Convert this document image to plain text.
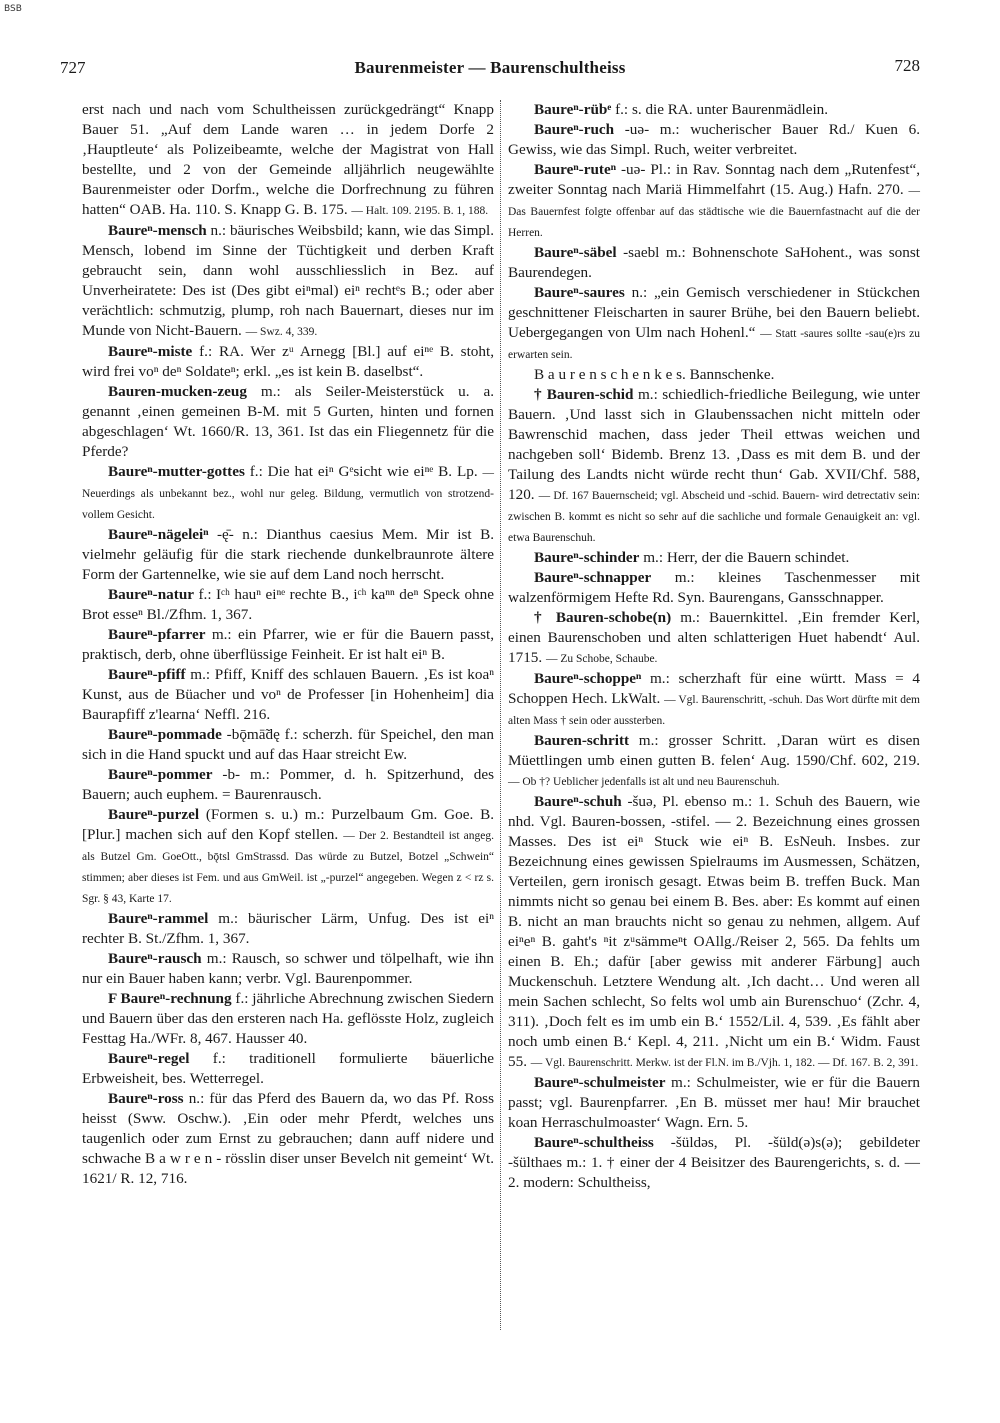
BSB
727	Baurenmeister — Baurenschultheiss	728

erst nach und nach vom Schultheissen zurückgedrängt“ Knapp Bauer 51. „Auf dem Lande waren … in jedem Dorfe 2 ‚Hauptleute‘ als Polizeibeamte, welche der Magistrat von Hall bestellte, und 2 von der Gemeinde alljährlich neugewählte Baurenmeister oder Dorfm., welche die Dorfrechnung zu führen hatten“ OAB. Ha. 110. S. Knapp G. B. 175. — Halt. 109. 2195. B. 1, 188.

Baureⁿ-mensch n.: bäurisches Weibsbild; kann, wie das Simpl. Mensch, lobend im Sinne der Tüchtigkeit und derben Kraft gebraucht sein, dann wohl ausschliesslich in Bez. auf Unverheiratete: Des ist (Des gibt eiⁿmal) eiⁿ rechtᵉs B.; oder aber verächtlich: schmutzig, plump, roh nach Bauernart, dieses nur im Munde von Nicht-Bauern. — Swz. 4, 339.

Baureⁿ-miste f.: RA. Wer zᵘ Arnegg [Bl.] auf eiⁿᵉ B. stoht, wird frei voⁿ deⁿ Soldateⁿ; erkl. „es ist kein B. daselbst“.

Bauren-mucken-zeug m.: als Seiler-Meisterstück u. a. genannt ‚einen gemeinen B-M. mit 5 Gurten, hinten und fornen abgeschlagen‘ Wt. 1660/R. 13, 361. Ist das ein Fliegennetz für die Pferde?

Baureⁿ-mutter-gottes f.: Die hat eiⁿ Gᵉsicht wie eiⁿᵉ B. Lp. — Neuerdings als unbekannt bez., wohl nur geleg. Bildung, vermutlich von strotzend-vollem Gesicht.

Baureⁿ-nägeleiⁿ -ę̄- n.: Dianthus caesius Mem. Mir ist B. vielmehr geläufig für die stark riechende dunkelbraunrote ältere Form der Gartennelke, wie sie auf dem Land noch herrscht.

Baureⁿ-natur f.: Iᶜʰ hauⁿ eiⁿᵉ rechte B., iᶜʰ kaⁿⁿ deⁿ Speck ohne Brot esseⁿ Bl./Zfhm. 1, 367.

Baureⁿ-pfarrer m.: ein Pfarrer, wie er für die Bauern passt, praktisch, derb, ohne überflüssige Feinheit. Er ist halt eiⁿ B.

Baureⁿ-pfiff m.: Pfiff, Kniff des schlauen Bauern. ‚Es ist koaⁿ Kunst, aus de Büacher und voⁿ de Professer [in Hohenheim] dia Baurapfiff z'learna‘ Neffl. 216.

Baureⁿ-pommade -bǭmā̃dę f.: scherzh. für Speichel, den man sich in die Hand spuckt und auf das Haar streicht Ew.

Baureⁿ-pommer -b- m.: Pommer, d. h. Spitzerhund, des Bauern; auch euphem. = Baurenrausch.

Baureⁿ-purzel (Formen s. u.) m.: Purzelbaum Gm. Goe. B. [Plur.] machen sich auf den Kopf stellen. — Der 2. Bestandteil ist angeg. als Butzel Gm. GoeOtt., bǭtsl GmStrassd. Das würde zu Butzel, Botzel „Schwein“ stimmen; aber dieses ist Fem. und aus GmWeil. ist „-purzel“ angegeben. Wegen z < rz s. Sgr. § 43, Karte 17.

Baureⁿ-rammel m.: bäurischer Lärm, Unfug. Des ist eiⁿ rechter B. St./Zfhm. 1, 367.

Baureⁿ-rausch m.: Rausch, so schwer und tölpelhaft, wie ihn nur ein Bauer haben kann; verbr. Vgl. Baurenpommer.

F Baureⁿ-rechnung f.: jährliche Abrechnung zwischen Siedern und Bauern über das den ersteren nach Ha. geflösste Holz, zugleich Festtag Ha./WFr. 8, 467. Hausser 40.

Baureⁿ-regel f.: traditionell formulierte bäuerliche Erbweisheit, bes. Wetterregel.

Baureⁿ-ross n.: für das Pferd des Bauern da, wo das Pf. Ross heisst (Sww. Oschw.). ‚Ein oder mehr Pferdt, welches uns taugenlich oder zum Ernst zu gebrauchen; dann auff nidere und schwache B a w r e n - rösslin diser unser Bevelch nit gemeint‘ Wt. 1621/ R. 12, 716.

Baureⁿ-rübᵉ f.: s. die RA. unter Baurenmädlein.

Baureⁿ-ruch -uə- m.: wucherischer Bauer Rd./ Kuen 6. Gewiss, wie das Simpl. Ruch, weiter verbreitet.

Baureⁿ-ruteⁿ -uə- Pl.: in Rav. Sonntag nach dem „Rutenfest“, zweiter Sonntag nach Mariä Himmelfahrt (15. Aug.) Hafn. 270. — Das Bauernfest folgte offenbar auf das städtische wie die Bauernfastnacht auf die der Herren.

Baureⁿ-säbel -saebl m.: Bohnenschote SaHohent., was sonst Baurendegen.

Baureⁿ-saures n.: „ein Gemisch verschiedener in Stückchen geschnittener Fleischarten in saurer Brühe, bei den Bauern beliebt. Uebergegangen von Ulm nach Hohenl.“ — Statt -saures sollte -sau(e)rs zu erwarten sein.

B a u r e n s c h e n k e s. Bannschenke.

† Bauren-schid m.: schiedlich-friedliche Beilegung, wie unter Bauern. ‚Und lasst sich in Glaubenssachen nicht mitteln oder Bawrenschid machen, dass jeder Theil ettwas weichen und nachgeben soll‘ Bidemb. Brenz 13. ‚Dass es mit dem B. und der Tailung des Landts nicht würde recht thun‘ Gab. XVII/Chf. 588, 120. — Df. 167 Bauernscheid; vgl. Abscheid und -schid. Bauern- wird detrectativ sein: zwischen B. kommt es nicht so sehr auf die sachliche und formale Genauigkeit an: vgl. etwa Baurenschuh.

Baureⁿ-schinder m.: Herr, der die Bauern schindet.

Baureⁿ-schnapper m.: kleines Taschenmesser mit walzenförmigem Hefte Rd. Syn. Baurengans, Gansschnapper.

† Bauren-schobe(n) m.: Bauernkittel. ‚Ein fremder Kerl, einen Baurenschoben und alten schlatterigen Huet habendt‘ Aul. 1715. — Zu Schobe, Schaube.

Baureⁿ-schoppeⁿ m.: scherzhaft für eine württ. Mass = 4 Schoppen Hech. LkWalt. — Vgl. Baurenschritt, -schuh. Das Wort dürfte mit dem alten Mass † sein oder aussterben.

Bauren-schritt m.: grosser Schritt. ‚Daran würt es disen Müettlingen umb einen gutten B. felen‘ Aug. 1590/Chf. 602, 219. — Ob †? Ueblicher jedenfalls ist alt und neu Baurenschuh.

Baureⁿ-schuh -šuə, Pl. ebenso m.: 1. Schuh des Bauern, wie nhd. Vgl. Bauren-bossen, -stifel. — 2. Bezeichnung eines grossen Masses. Des ist eiⁿ Stuck wie eiⁿ B. EsNeuh. Insbes. zur Bezeichnung eines gewissen Spielraums im Ausmessen, Schätzen, Verteilen, gern ironisch gesagt. Etwas beim B. treffen Buck. Man nimmts nicht so genau bei einem B. Bes. aber: Es kommt auf einen B. nicht an man brauchts nicht so genau zu nehmen, allgem. Auf eiⁿeⁿ B. gaht's ⁿit zᵘsämmeⁿt OAllg./Reiser 2, 565. Da fehlts um einen B. Eh.; dafür [aber gewiss mit anderer Färbung] auch Muckenschuh. Letztere Wendung alt. ‚Ich dacht… Und weren all mein Sachen schlecht, So felts wol umb ain Burenschuo‘ (Zchr. 4, 311). ‚Doch felt es im umb ein B.‘ 1552/Lil. 4, 539. ‚Es fählt aber noch umb einen B.‘ Kepl. 4, 211. ‚Nicht um ein B.‘ Widm. Faust 55. — Vgl. Baurenschritt. Merkw. ist der Fl.N. im B./Vjh. 1, 182. — Df. 167. B. 2, 391.

Baureⁿ-schulmeister m.: Schulmeister, wie er für die Bauern passt; vgl. Baurenpfarrer. ‚En B. müsset mer hau! Mir brauchet koan Herraschulmoaster‘ Wagn. Ern. 5.

Baureⁿ-schultheiss -šüldəs, Pl. -šüld(ə)s(ə); gebildeter -šülthaes m.: 1. † einer der 4 Beisitzer des Baurengerichts, s. d. — 2. modern: Schultheiss,
